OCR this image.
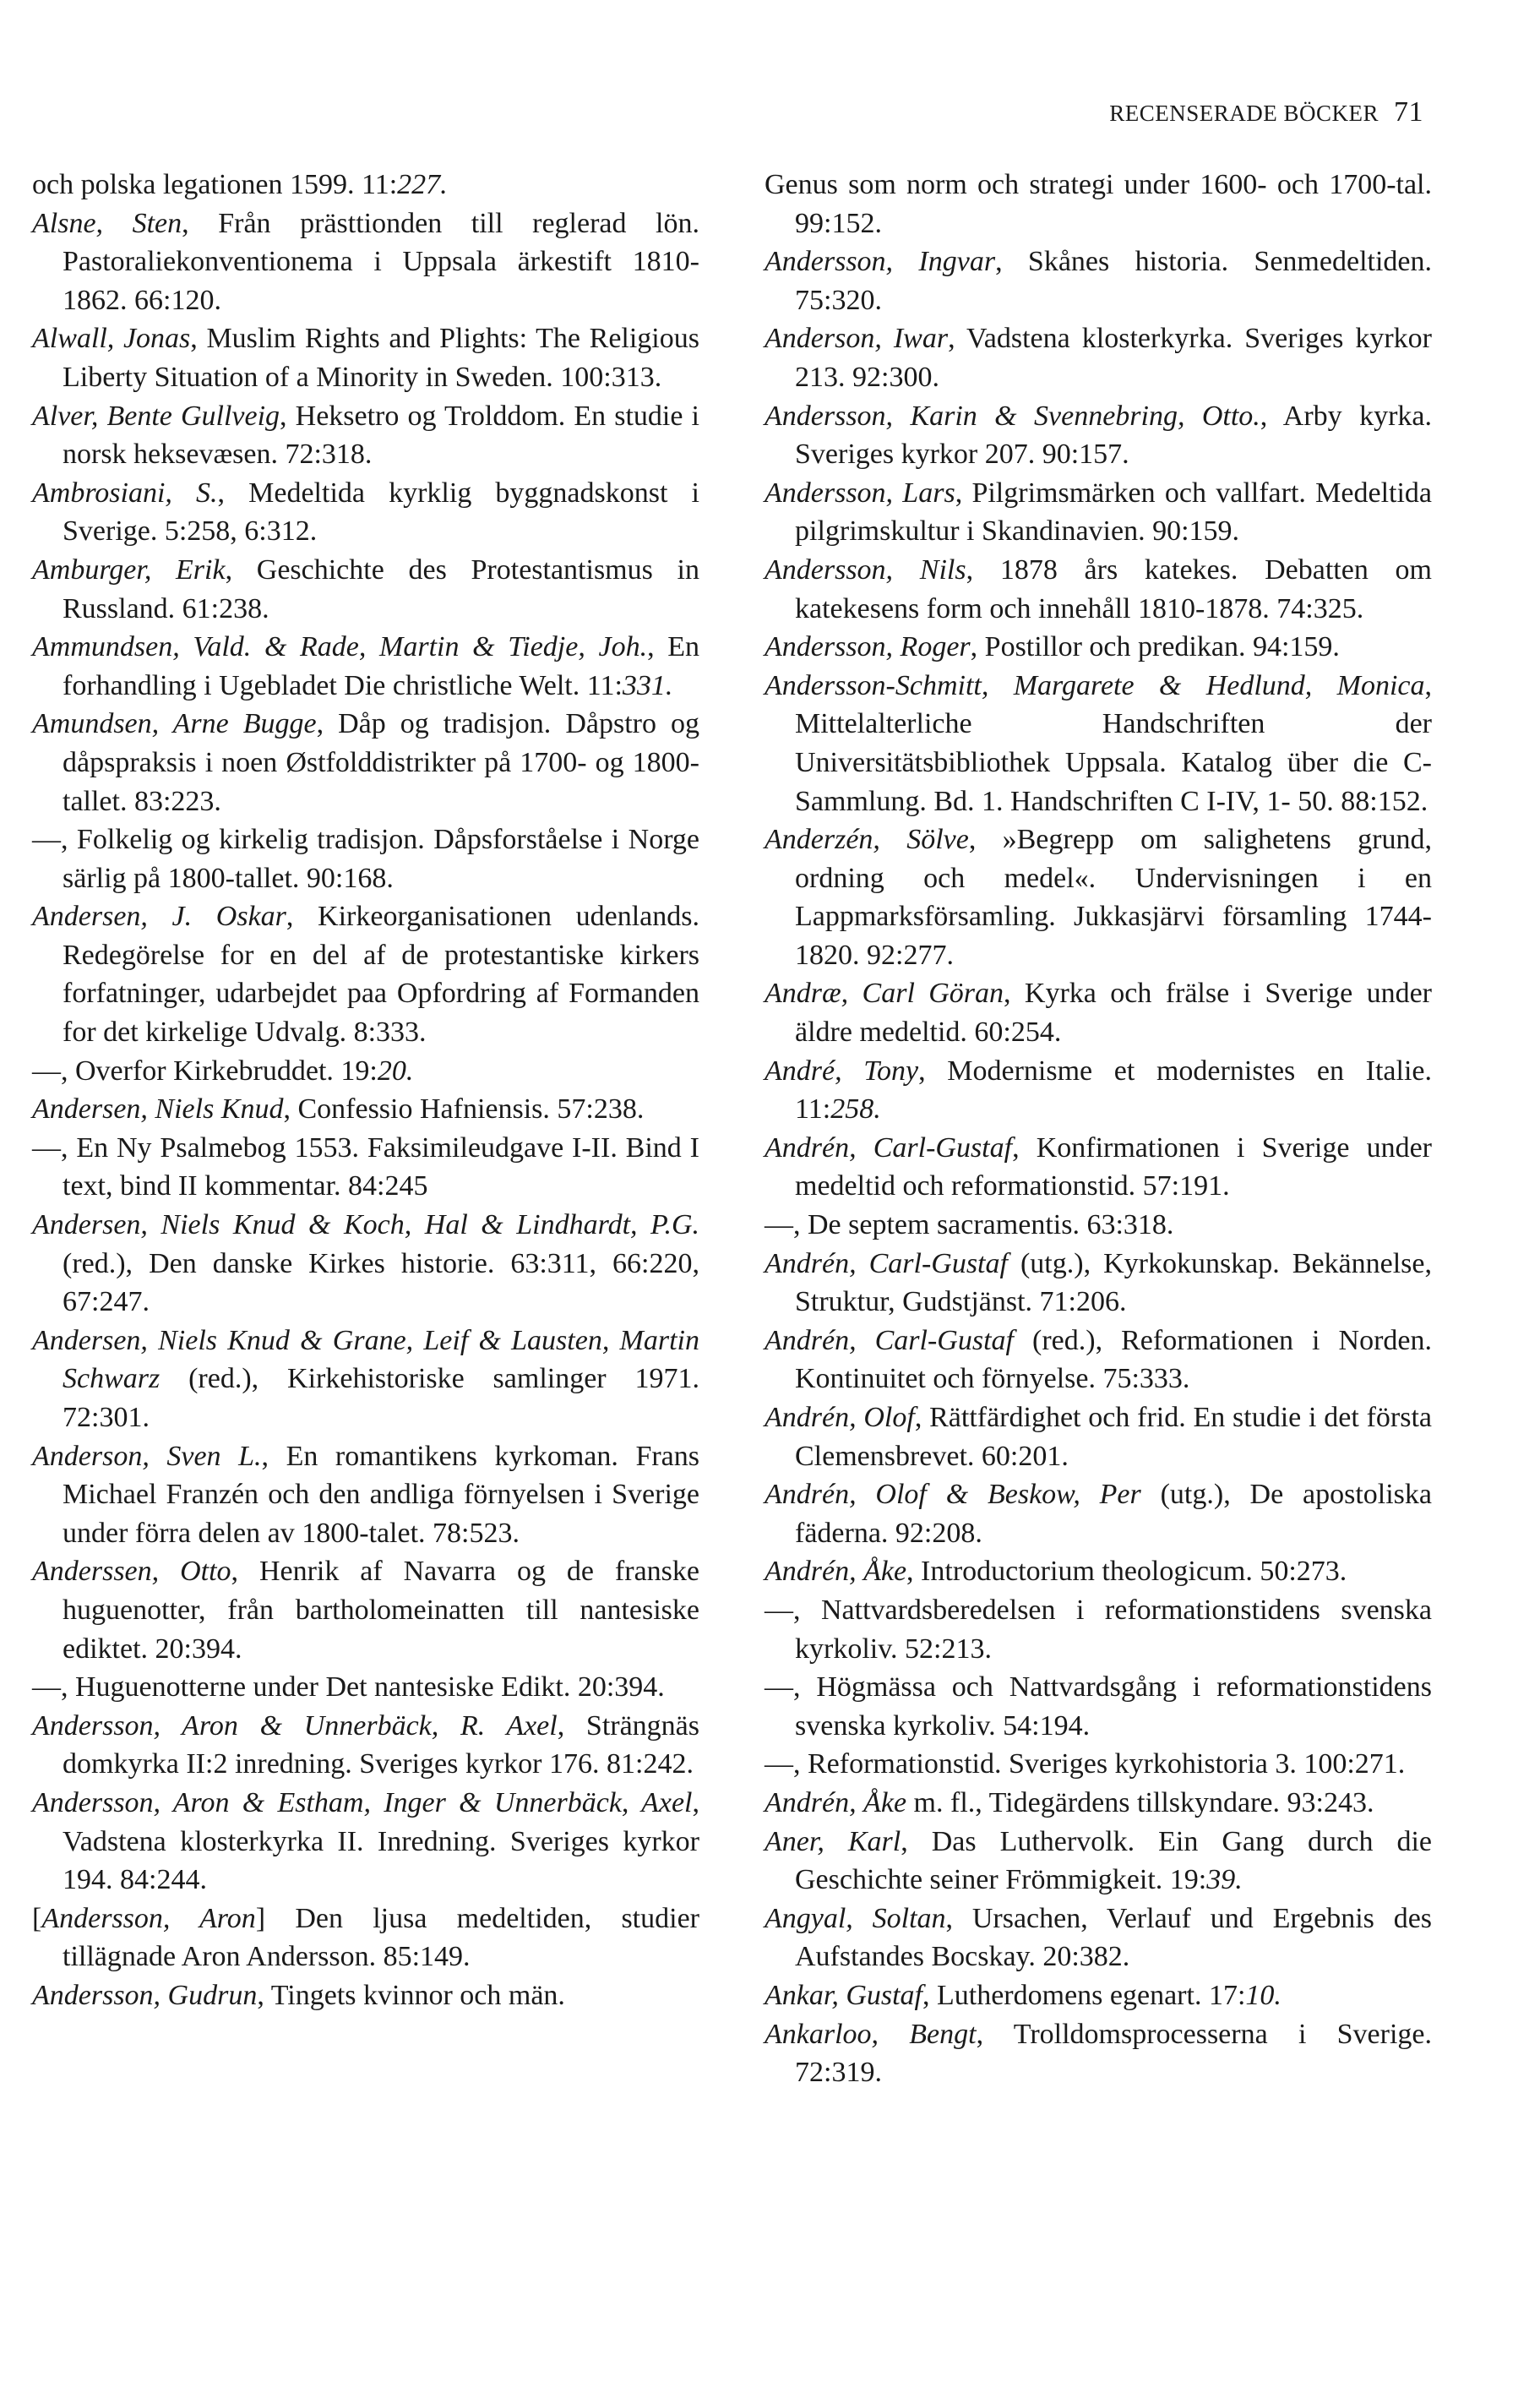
RECENSERADE BÖCKER 71
och polska legationen 1599. 11:227.
Alsne, Sten, Från prästtionden till reglerad lön. Pastoraliekonventionema i Uppsala ärkestift 1810-1862. 66:120.
Alwall, Jonas, Muslim Rights and Plights: The Religious Liberty Situation of a Minority in Sweden. 100:313.
Alver, Bente Gullveig, Heksetro og Trolddom. En studie i norsk heksevæsen. 72:318.
Ambrosiani, S., Medeltida kyrklig byggnadskonst i Sverige. 5:258, 6:312.
Amburger, Erik, Geschichte des Protestantismus in Russland. 61:238.
Ammundsen, Vald. & Rade, Martin & Tiedje, Joh., En forhandling i Ugebladet Die christliche Welt. 11:331.
Amundsen, Arne Bugge, Dåp og tradisjon. Dåpstro og dåpspraksis i noen Østfolddistrikter på 1700- og 1800-tallet. 83:223.
—, Folkelig og kirkelig tradisjon. Dåpsforståelse i Norge särlig på 1800-tallet. 90:168.
Andersen, J. Oskar, Kirkeorganisationen udenlands. Redegörelse for en del af de protestantiske kirkers forfatninger, udarbejdet paa Opfordring af Formanden for det kirkelige Udvalg. 8:333.
—, Overfor Kirkebruddet. 19:20.
Andersen, Niels Knud, Confessio Hafniensis. 57:238.
—, En Ny Psalmebog 1553. Faksimileudgave I-II. Bind I text, bind II kommentar. 84:245
Andersen, Niels Knud & Koch, Hal & Lindhardt, P.G. (red.), Den danske Kirkes historie. 63:311, 66:220, 67:247.
Andersen, Niels Knud & Grane, Leif & Lausten, Martin Schwarz (red.), Kirkehistoriske samlinger 1971. 72:301.
Anderson, Sven L., En romantikens kyrkoman. Frans Michael Franzén och den andliga förnyelsen i Sverige under förra delen av 1800-talet. 78:523.
Anderssen, Otto, Henrik af Navarra og de franske huguenotter, från bartholomeinatten till nantesiske ediktet. 20:394.
—, Huguenotterne under Det nantesiske Edikt. 20:394.
Andersson, Aron & Unnerbäck, R. Axel, Strängnäs domkyrka II:2 inredning. Sveriges kyrkor 176. 81:242.
Andersson, Aron & Estham, Inger & Unnerbäck, Axel, Vadstena klosterkyrka II. Inredning. Sveriges kyrkor 194. 84:244.
[Andersson, Aron] Den ljusa medeltiden, studier tillägnade Aron Andersson. 85:149.
Andersson, Gudrun, Tingets kvinnor och män.
Genus som norm och strategi under 1600- och 1700-tal. 99:152.
Andersson, Ingvar, Skånes historia. Senmedeltiden. 75:320.
Anderson, Iwar, Vadstena klosterkyrka. Sveriges kyrkor 213. 92:300.
Andersson, Karin & Svennebring, Otto., Arby kyrka. Sveriges kyrkor 207. 90:157.
Andersson, Lars, Pilgrimsmärken och vallfart. Medeltida pilgrimskultur i Skandinavien. 90:159.
Andersson, Nils, 1878 års katekes. Debatten om katekesens form och innehåll 1810-1878. 74:325.
Andersson, Roger, Postillor och predikan. 94:159.
Andersson-Schmitt, Margarete & Hedlund, Monica, Mittelalterliche Handschriften der Universitätsbibliothek Uppsala. Katalog über die C-Sammlung. Bd. 1. Handschriften C I-IV, 1- 50. 88:152.
Anderzén, Sölve, »Begrepp om salighetens grund, ordning och medel«. Undervisningen i en Lappmarksförsamling. Jukkasjärvi församling 1744-1820. 92:277.
Andræ, Carl Göran, Kyrka och frälse i Sverige under äldre medeltid. 60:254.
André, Tony, Modernisme et modernistes en Italie. 11:258.
Andrén, Carl-Gustaf, Konfirmationen i Sverige under medeltid och reformationstid. 57:191.
—, De septem sacramentis. 63:318.
Andrén, Carl-Gustaf (utg.), Kyrkokunskap. Bekännelse, Struktur, Gudstjänst. 71:206.
Andrén, Carl-Gustaf (red.), Reformationen i Norden. Kontinuitet och förnyelse. 75:333.
Andrén, Olof, Rättfärdighet och frid. En studie i det första Clemensbrevet. 60:201.
Andrén, Olof & Beskow, Per (utg.), De apostoliska fäderna. 92:208.
Andrén, Åke, Introductorium theologicum. 50:273.
—, Nattvardsberedelsen i reformationstidens svenska kyrkoliv. 52:213.
—, Högmässa och Nattvardsgång i reformationstidens svenska kyrkoliv. 54:194.
—, Reformationstid. Sveriges kyrkohistoria 3. 100:271.
Andrén, Åke m. fl., Tidegärdens tillskyndare. 93:243.
Aner, Karl, Das Luthervolk. Ein Gang durch die Geschichte seiner Frömmigkeit. 19:39.
Angyal, Soltan, Ursachen, Verlauf und Ergebnis des Aufstandes Bocskay. 20:382.
Ankar, Gustaf, Lutherdomens egenart. 17:10.
Ankarloo, Bengt, Trolldomsprocesserna i Sverige. 72:319.
